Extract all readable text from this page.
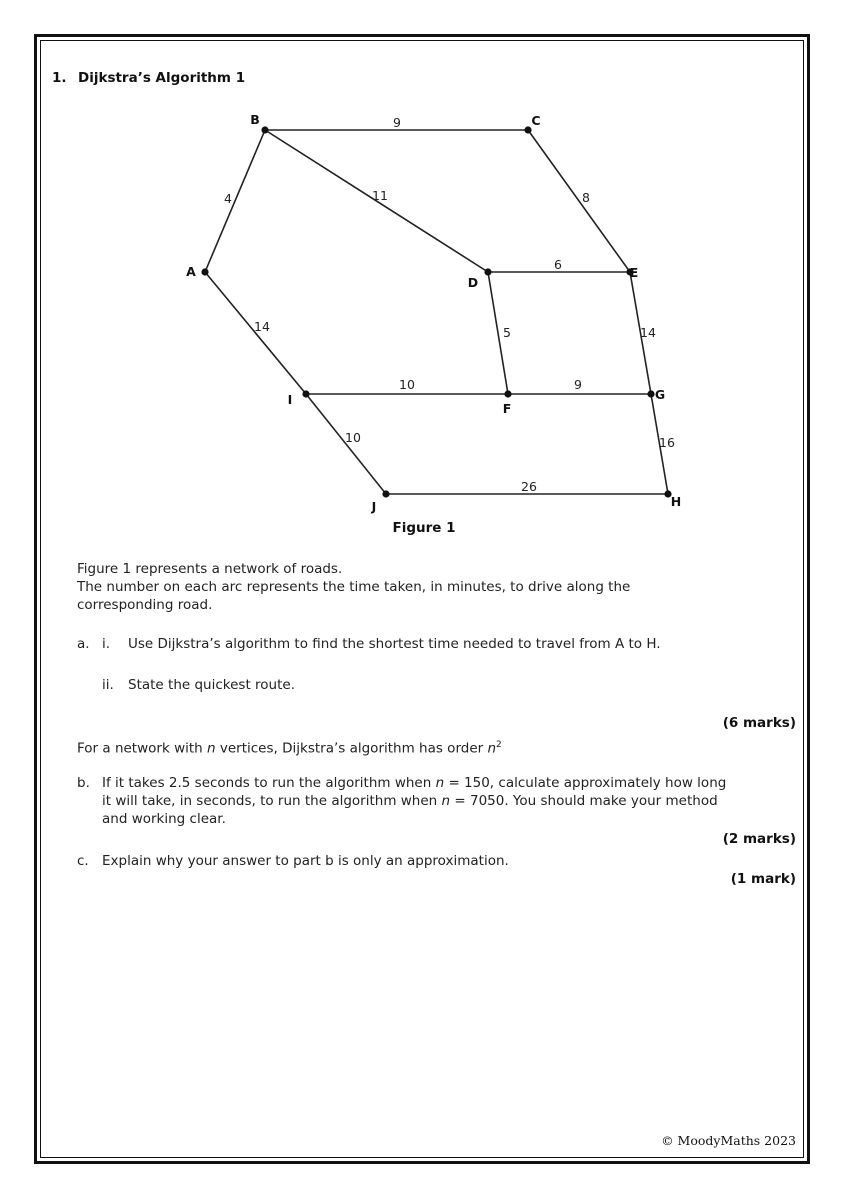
1. Dijkstra’s Algorithm 1
9
4	11	8
6
14	5	14
10	9
10	16
26
A
B	C
D
E
F
G
H
I
J
Figure 1
Figure 1 represents a network of roads.
The number on each arc represents the time taken, in minutes, to drive along the
corresponding road.
a. i. Use Dijkstra’s algorithm to find the shortest time needed to travel from A to H.
ii. State the quickest route.
(6 marks)
For a network with n vertices, Dijkstra’s algorithm has order $n^2$
b. If it takes 2.5 seconds to run the algorithm when n = 150, calculate approximately how long
it will take, in seconds, to run the algorithm when n = 7050. You should make your method
and working clear.
(2 marks)
c. Explain why your answer to part b is only an approximation.
(1 mark)
© MoodyMaths 2023
